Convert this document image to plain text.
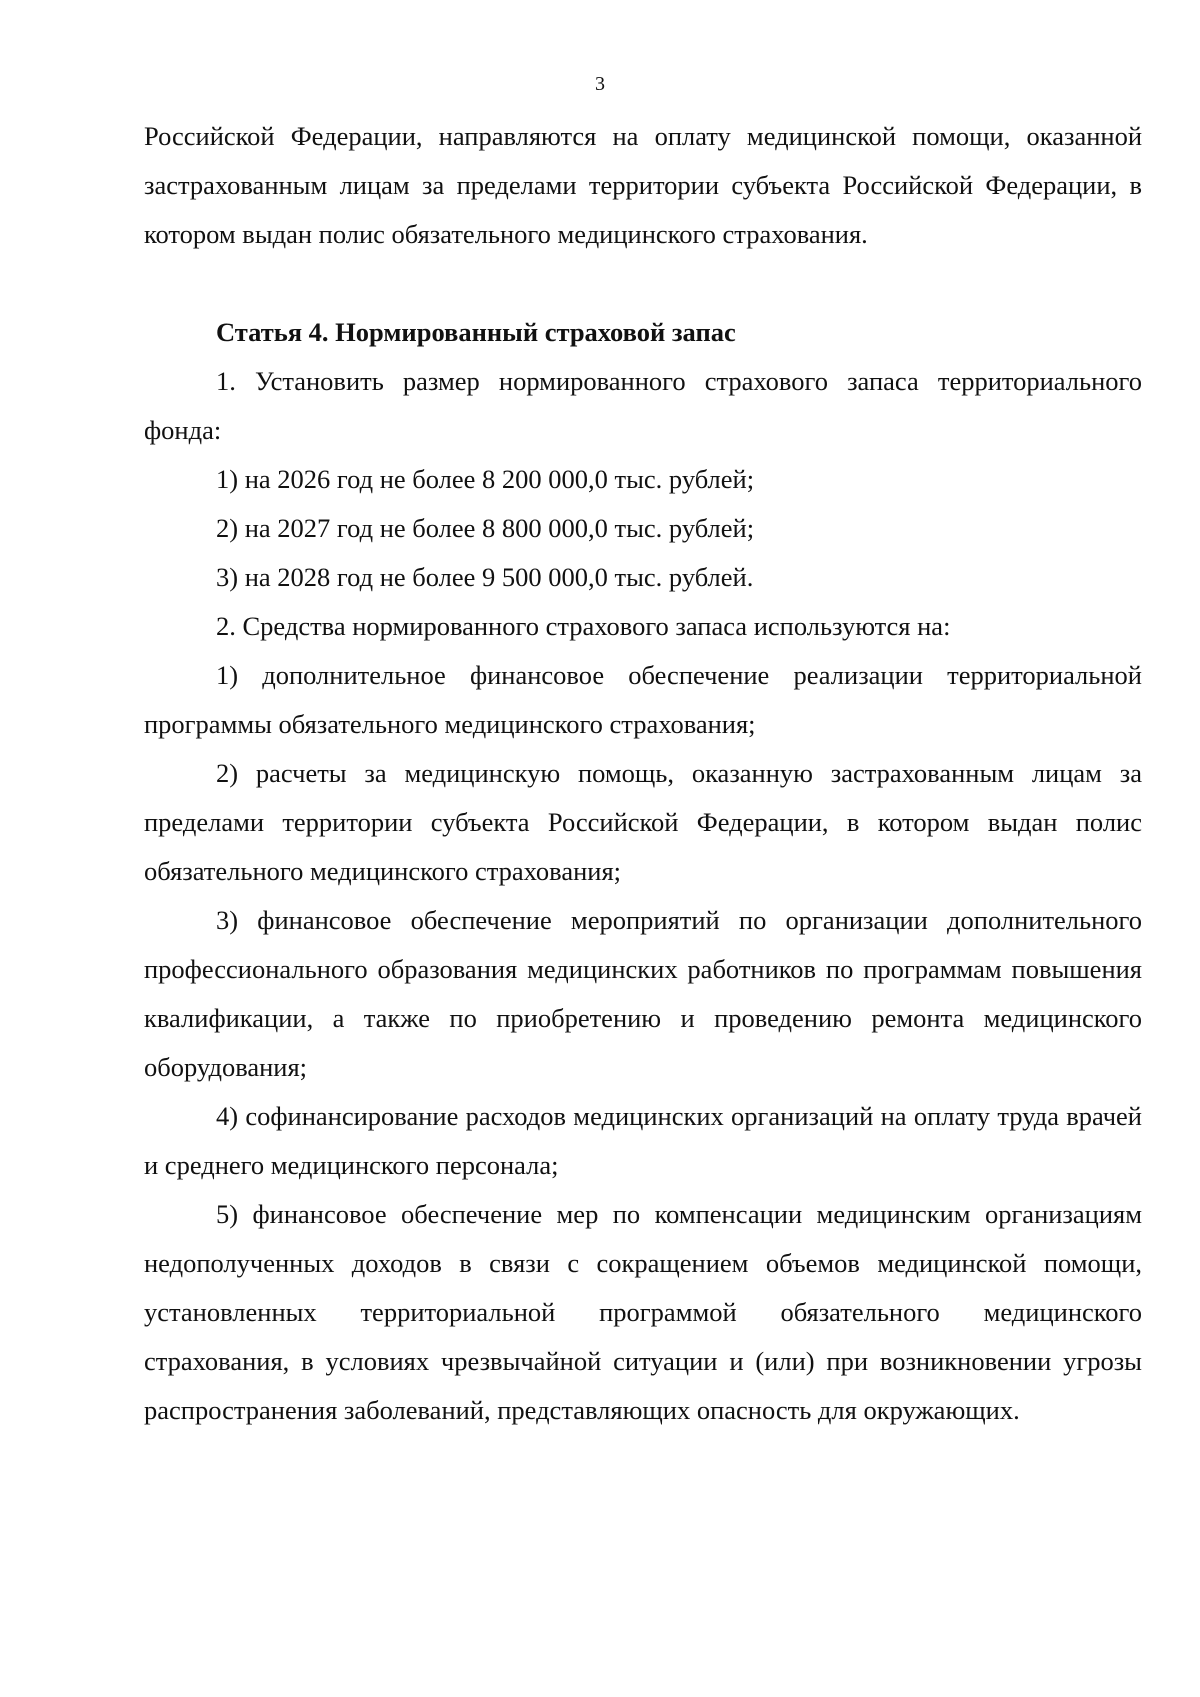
3

Российской Федерации, направляются на оплату медицинской помощи, оказанной застрахованным лицам за пределами территории субъекта Российской Федерации, в котором выдан полис обязательного медицинского страхования.

Статья 4. Нормированный страховой запас

1. Установить размер нормированного страхового запаса территориального фонда:

1) на 2026 год не более 8 200 000,0 тыс. рублей;

2) на 2027 год не более 8 800 000,0 тыс. рублей;

3) на 2028 год не более 9 500 000,0 тыс. рублей.

2. Средства нормированного страхового запаса используются на:

1) дополнительное финансовое обеспечение реализации территориальной программы обязательного медицинского страхования;

2) расчеты за медицинскую помощь, оказанную застрахованным лицам за пределами территории субъекта Российской Федерации, в котором выдан полис обязательного медицинского страхования;

3) финансовое обеспечение мероприятий по организации дополнительного профессионального образования медицинских работников по программам повышения квалификации, а также по приобретению и проведению ремонта медицинского оборудования;

4) софинансирование расходов медицинских организаций на оплату труда врачей и среднего медицинского персонала;

5) финансовое обеспечение мер по компенсации медицинским организациям недополученных доходов в связи с сокращением объемов медицинской помощи, установленных территориальной программой обязательного медицинского страхования, в условиях чрезвычайной ситуации и (или) при возникновении угрозы распространения заболеваний, представляющих опасность для окружающих.
